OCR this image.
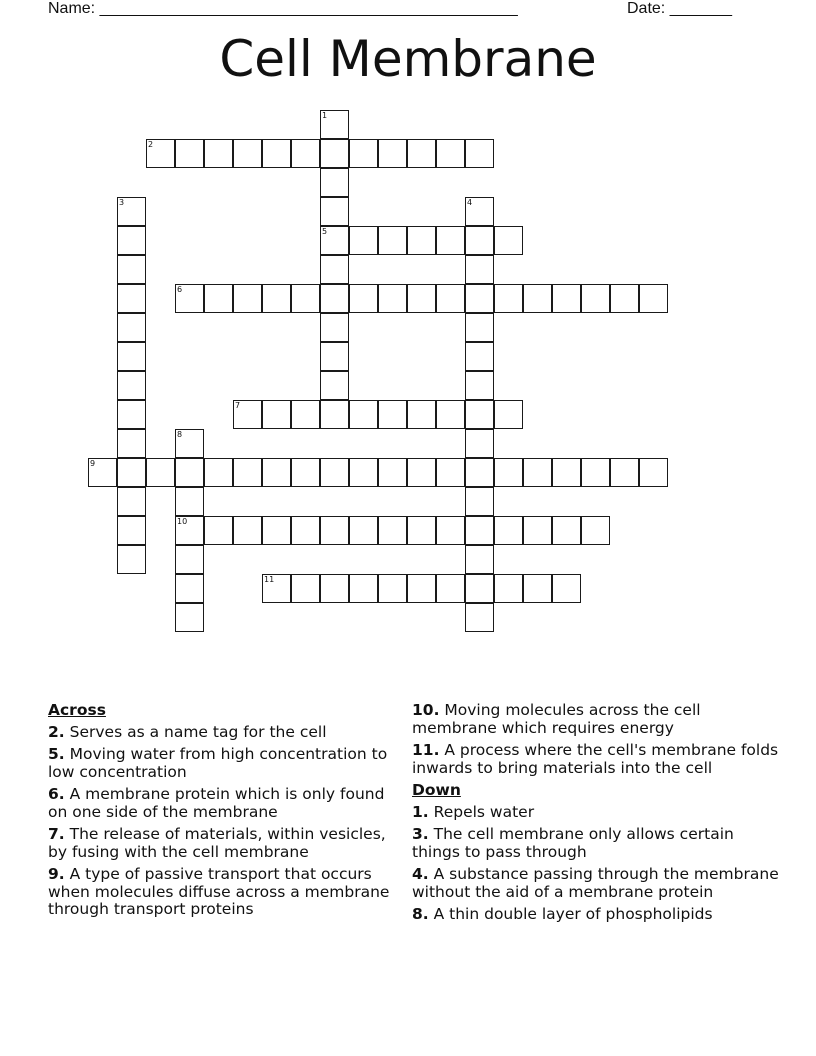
Name: _______________________________________________	Date: _______
Cell Membrane
1
5
2
3	4
6
7
8
10
9
11
Across
2. Serves as a name tag for the cell
5. Moving water from high concentration to low concentration
6. A membrane protein which is only found on one side of the membrane
7. The release of materials, within vesicles, by fusing with the cell membrane
9. A type of passive transport that occurs when molecules diffuse across a membrane through transport proteins
10. Moving molecules across the cell membrane which requires energy
11. A process where the cell's membrane folds inwards to bring materials into the cell
Down
1. Repels water
3. The cell membrane only allows certain things to pass through
4. A substance passing through the membrane without the aid of a membrane protein
8. A thin double layer of phospholipids
